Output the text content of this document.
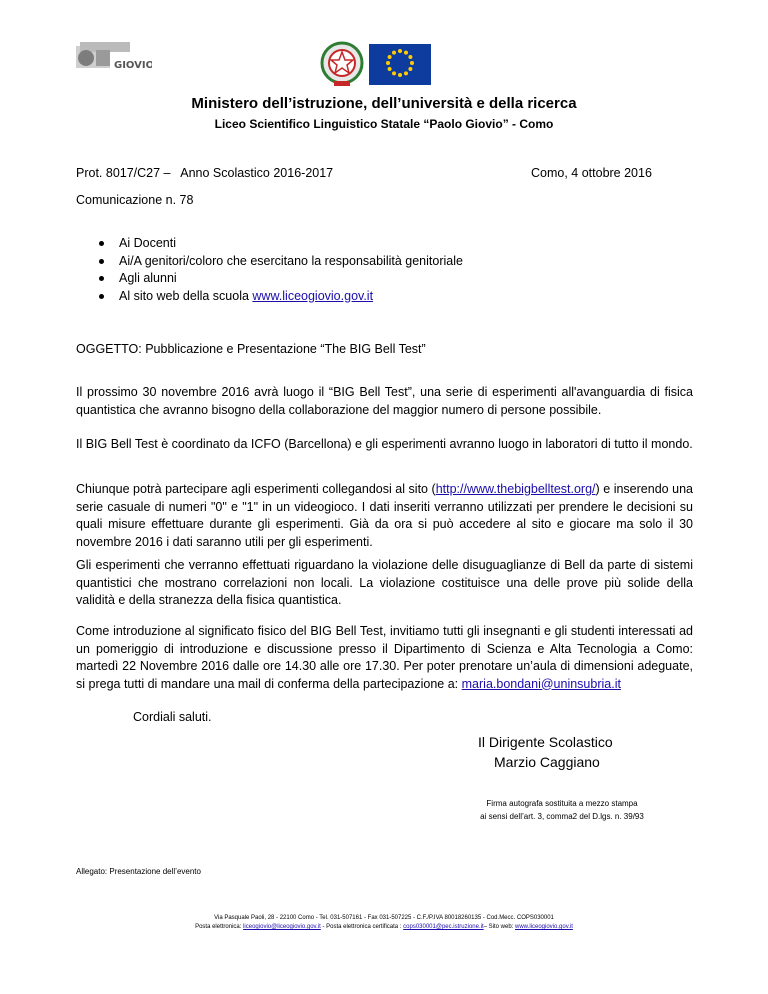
GIOVIO
Ministero dell’istruzione, dell’università e della ricerca
Liceo Scientifico Linguistico Statale “Paolo Giovio” - Como
Prot. 8017/C27 –   Anno Scolastico 2016-2017	Como, 4 ottobre 2016
Comunicazione n. 78
Ai Docenti
Ai/A genitori/coloro che esercitano la responsabilità genitoriale
Agli alunni
Al sito web della scuola www.liceogiovio.gov.it
OGGETTO: Pubblicazione e Presentazione “The BIG Bell Test”
Il prossimo 30 novembre 2016 avrà luogo il “BIG Bell Test”, una serie di esperimenti all'avanguardia di fisica quantistica che avranno bisogno della collaborazione del maggior numero di persone possibile.
Il BIG Bell Test è coordinato da ICFO (Barcellona) e gli esperimenti avranno luogo in laboratori di tutto il mondo.
Chiunque potrà partecipare agli esperimenti collegandosi al sito (http://www.thebigbelltest.org/) e inserendo una serie casuale di numeri "0" e "1" in un videogioco. I dati inseriti verranno utilizzati per prendere le decisioni su quali misure effettuare durante gli esperimenti. Già da ora si può accedere al sito e giocare ma solo il 30 novembre 2016 i dati saranno utili per gli esperimenti.
Gli esperimenti che verranno effettuati riguardano la violazione delle disuguaglianze di Bell da parte di sistemi quantistici che mostrano correlazioni non locali. La violazione costituisce una delle prove più solide della validità e della stranezza della fisica quantistica.
Come introduzione al significato fisico del BIG Bell Test, invitiamo tutti gli insegnanti e gli studenti interessati ad un pomeriggio di introduzione e discussione presso il Dipartimento di Scienza e Alta Tecnologia a Como: martedì 22 Novembre 2016 dalle ore 14.30 alle ore 17.30. Per poter prenotare un’aula di dimensioni adeguate, si prega tutti di mandare una mail di conferma della partecipazione a: maria.bondani@uninsubria.it
Cordiali saluti.
Il Dirigente Scolastico
Marzio Caggiano
Firma autografa sostituita a mezzo stampa
ai sensi dell’art. 3, comma2 del D.lgs. n. 39/93
Allegato: Presentazione dell’evento
Via Pasquale Paoli, 28 - 22100 Como - Tel. 031-507161 - Fax 031-507225 - C.F./P.IVA 80018260135 - Cod.Mecc. COPS030001
Posta elettronica: liceogiovio@liceogiovio.gov.it - Posta elettronica certificata : cops030001@pec.istruzione.it– Sito web: www.liceogiovio.gov.it
